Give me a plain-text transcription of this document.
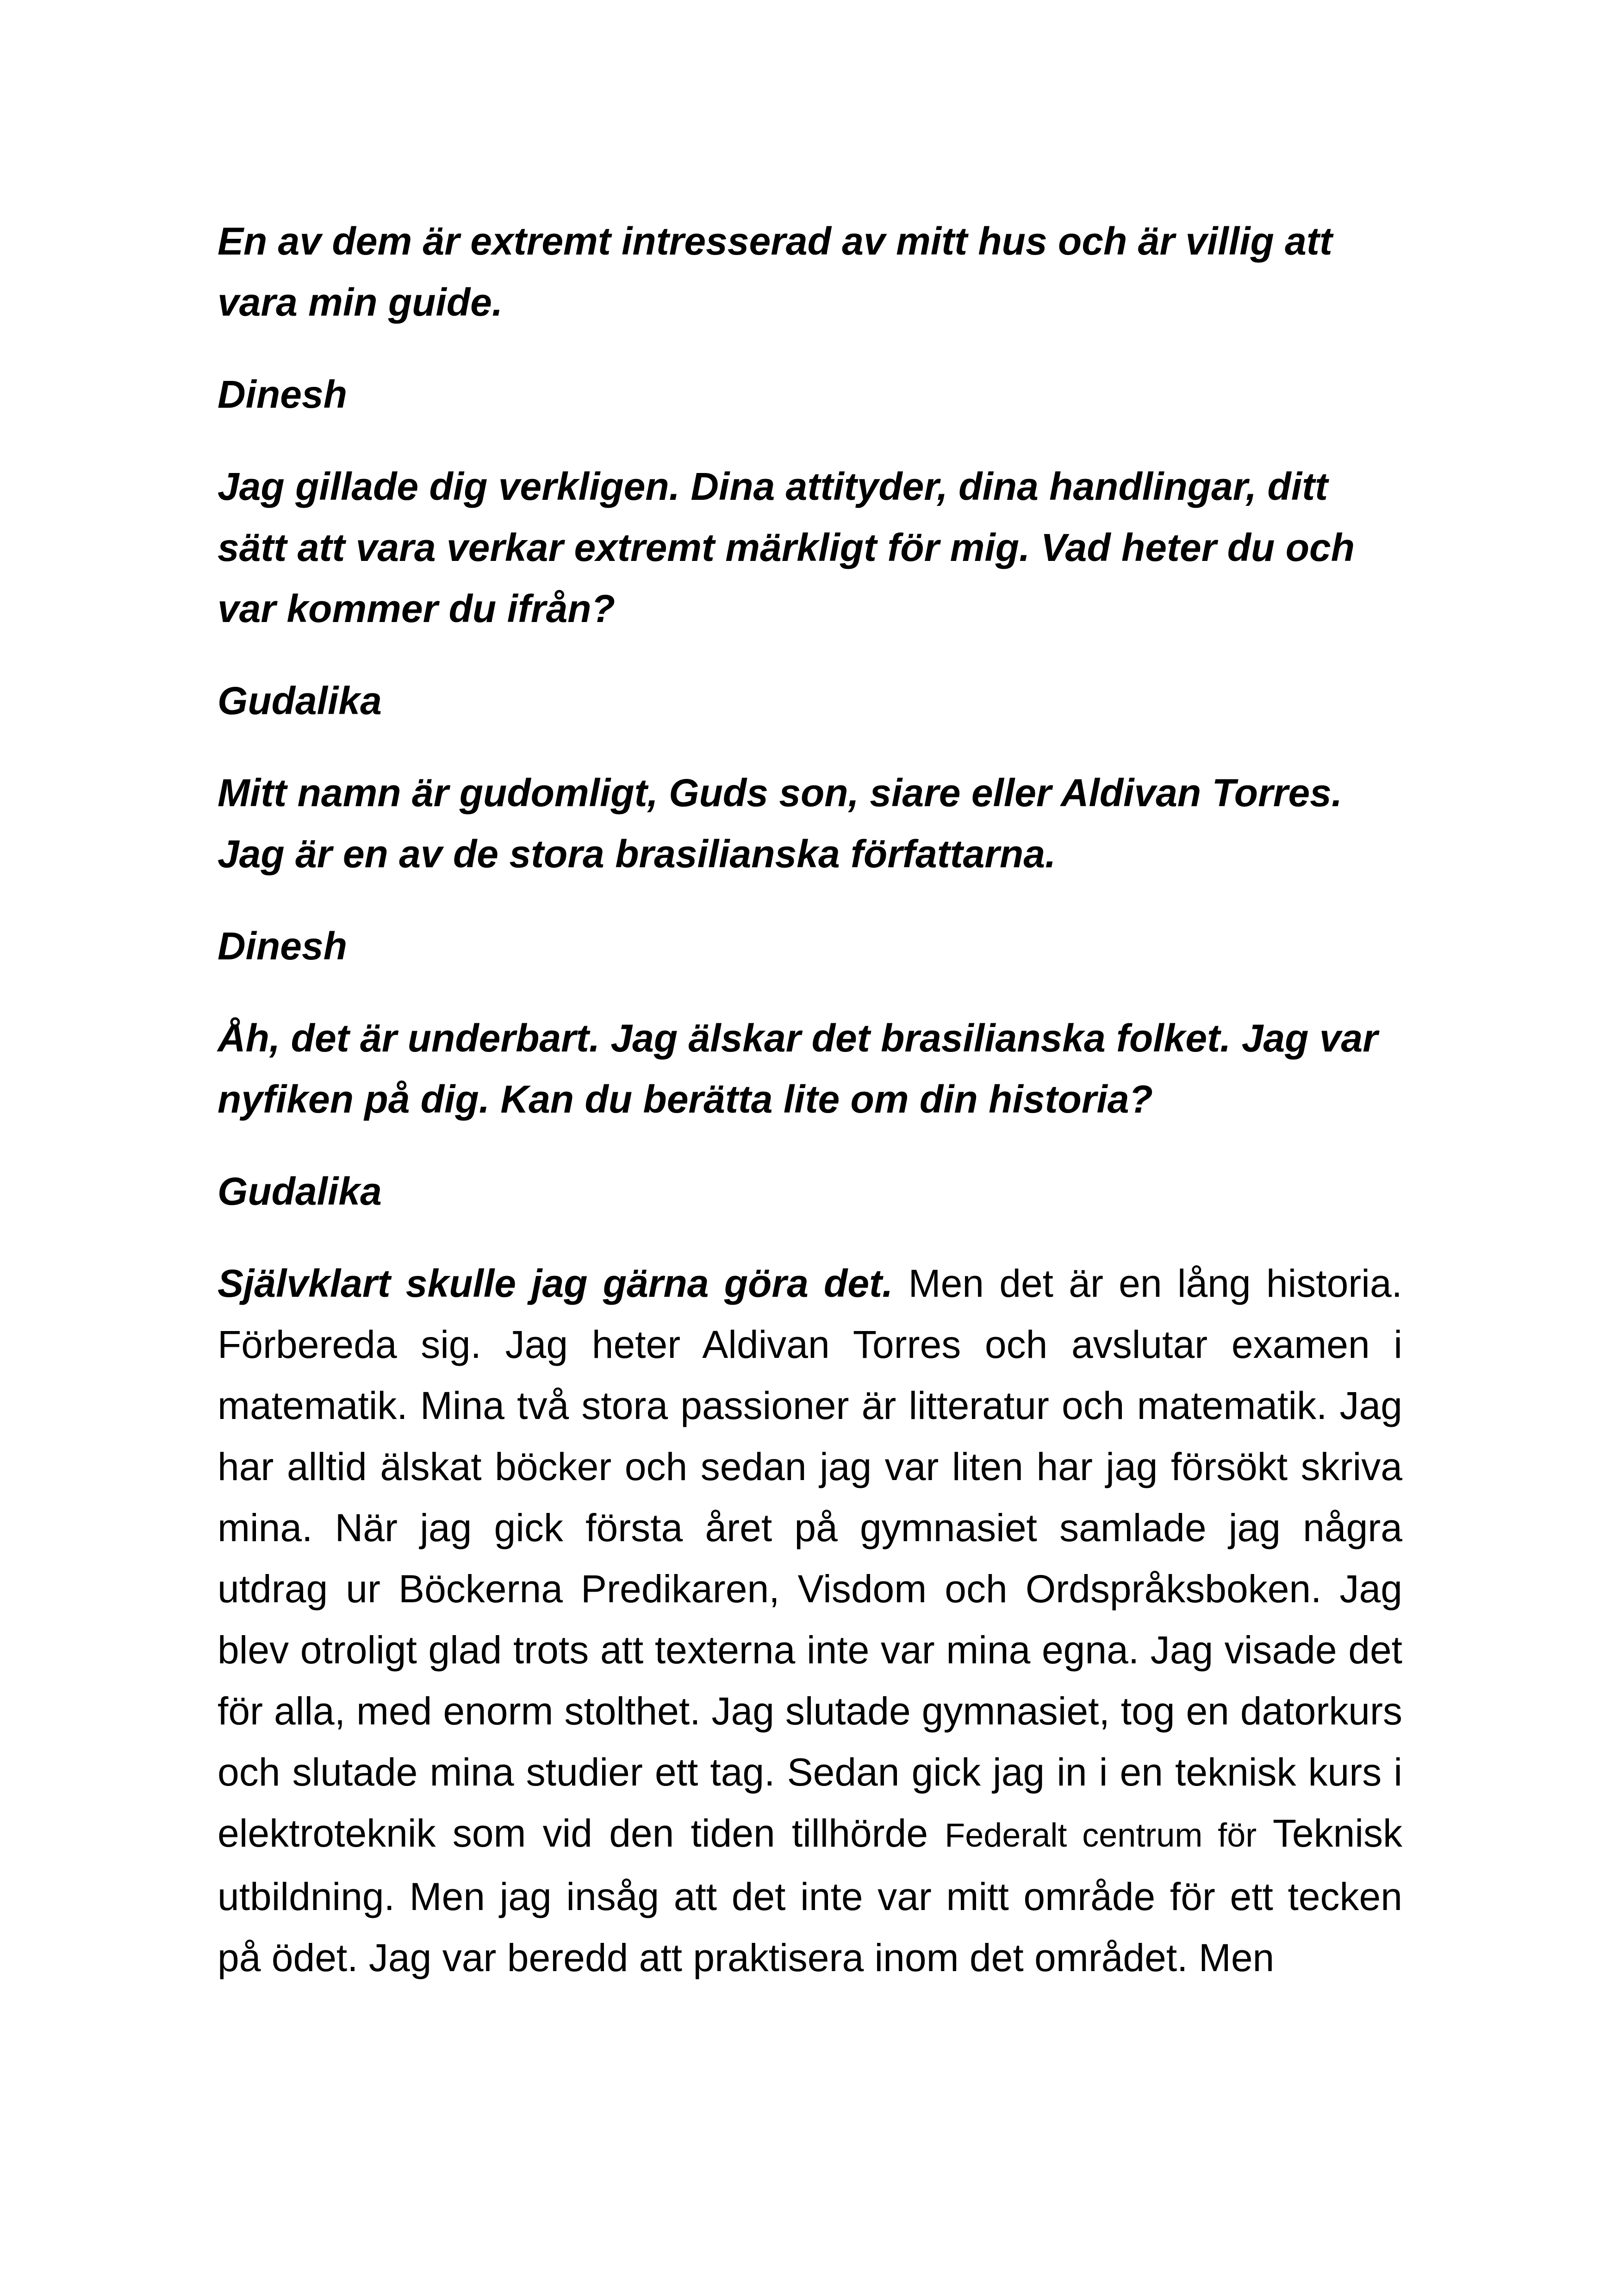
En av dem är extremt intresserad av mitt hus och är villig att vara min guide.

Dinesh

Jag gillade dig verkligen. Dina attityder, dina handlingar, ditt sätt att vara verkar extremt märkligt för mig. Vad heter du och var kommer du ifrån?

Gudalika

Mitt namn är gudomligt, Guds son, siare eller Aldivan Torres. Jag är en av de stora brasilianska författarna.

Dinesh

Åh, det är underbart. Jag älskar det brasilianska folket. Jag var nyfiken på dig. Kan du berätta lite om din historia?

Gudalika

Självklart skulle jag gärna göra det. Men det är en lång historia. Förbereda sig. Jag heter Aldivan Torres och avslutar examen i matematik. Mina två stora passioner är litteratur och matematik. Jag har alltid älskat böcker och sedan jag var liten har jag försökt skriva mina. När jag gick första året på gymnasiet samlade jag några utdrag ur Böckerna Predikaren, Visdom och Ordspråksboken. Jag blev otroligt glad trots att texterna inte var mina egna. Jag visade det för alla, med enorm stolthet. Jag slutade gymnasiet, tog en datorkurs och slutade mina studier ett tag. Sedan gick jag in i en teknisk kurs i elektroteknik som vid den tiden tillhörde Federalt centrum för Teknisk utbildning. Men jag insåg att det inte var mitt område för ett tecken på ödet. Jag var beredd att praktisera inom det området. Men
